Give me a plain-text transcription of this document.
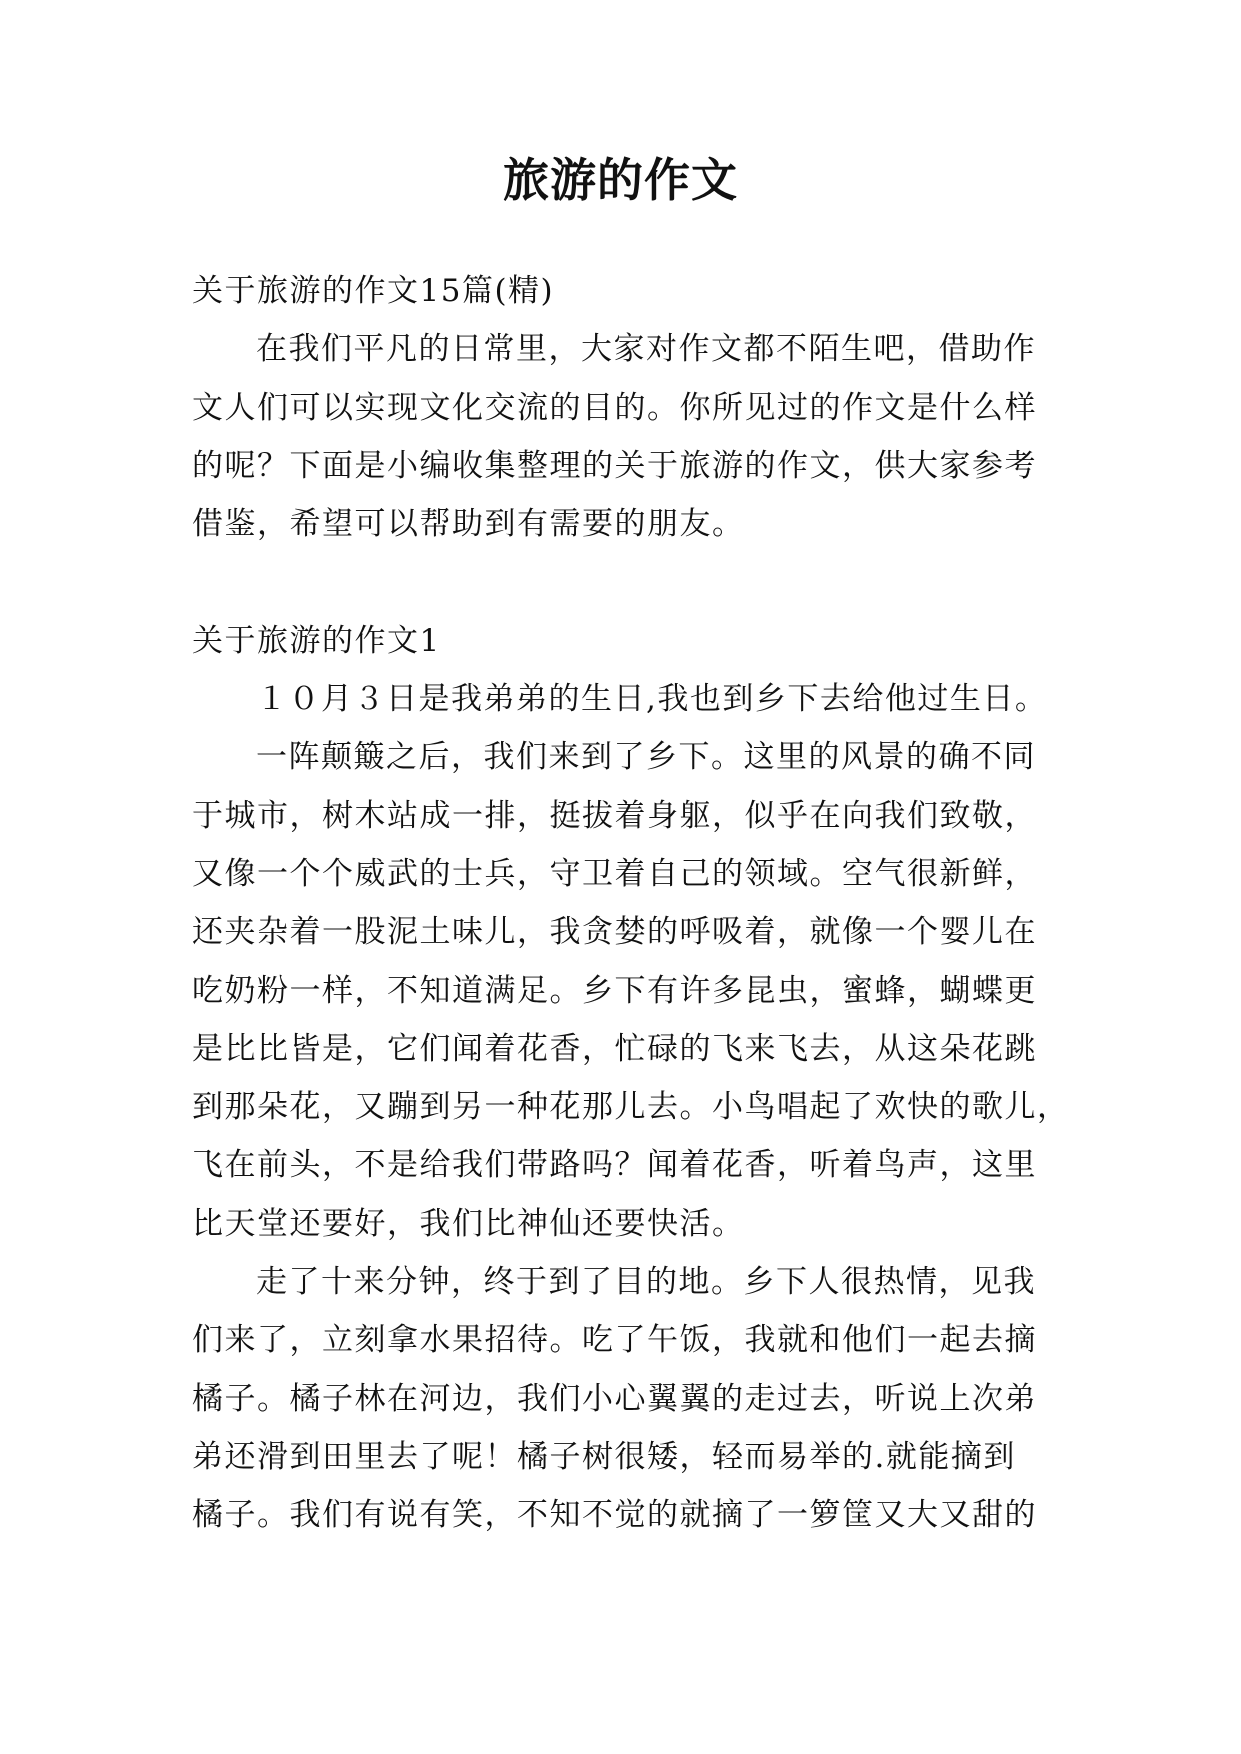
旅游的作文
关于旅游的作文15篇(精)
在我们平凡的日常里，大家对作文都不陌生吧，借助作
文人们可以实现文化交流的目的。你所见过的作文是什么样
的呢？下面是小编收集整理的关于旅游的作文，供大家参考
借鉴，希望可以帮助到有需要的朋友。
关于旅游的作文1
１０月３日是我弟弟的生日,我也到乡下去给他过生日。
一阵颠簸之后，我们来到了乡下。这里的风景的确不同
于城市，树木站成一排，挺拔着身躯，似乎在向我们致敬，
又像一个个威武的士兵，守卫着自己的领域。空气很新鲜，
还夹杂着一股泥土味儿，我贪婪的呼吸着，就像一个婴儿在
吃奶粉一样，不知道满足。乡下有许多昆虫，蜜蜂，蝴蝶更
是比比皆是，它们闻着花香，忙碌的飞来飞去，从这朵花跳
到那朵花，又蹦到另一种花那儿去。小鸟唱起了欢快的歌儿，
飞在前头，不是给我们带路吗？闻着花香，听着鸟声，这里
比天堂还要好，我们比神仙还要快活。
走了十来分钟，终于到了目的地。乡下人很热情，见我
们来了，立刻拿水果招待。吃了午饭，我就和他们一起去摘
橘子。橘子林在河边，我们小心翼翼的走过去，听说上次弟
弟还滑到田里去了呢！橘子树很矮，轻而易举的.就能摘到
橘子。我们有说有笑，不知不觉的就摘了一箩筐又大又甜的
